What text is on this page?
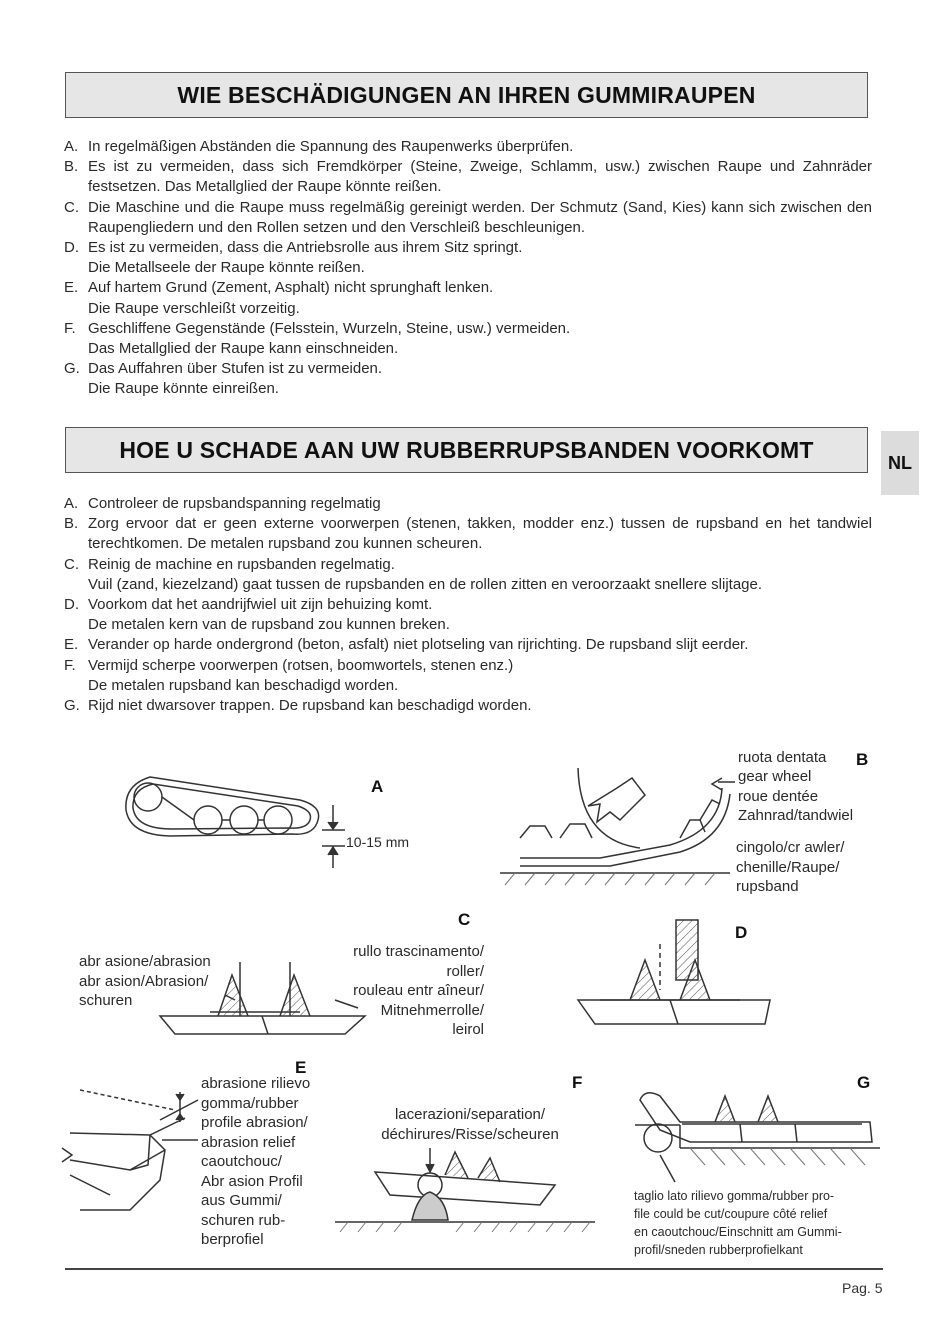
WIE BESCHÄDIGUNGEN AN IHREN GUMMIRAUPEN
A. In regelmäßigen Abständen die Spannung des Raupenwerks überprüfen.
B. Es ist zu vermeiden, dass sich Fremdkörper (Steine, Zweige, Schlamm, usw.) zwischen Raupe und Zahnräder festsetzen. Das Metallglied der Raupe könnte reißen.
C. Die Maschine und die Raupe muss regelmäßig gereinigt werden. Der Schmutz (Sand, Kies) kann sich zwischen den Raupengliedern und den Rollen setzen und den Verschleiß beschleunigen.
D. Es ist zu vermeiden, dass die Antriebsrolle aus ihrem Sitz springt.
Die Metallseele der Raupe könnte reißen.
E. Auf hartem Grund (Zement, Asphalt) nicht sprunghaft lenken.
Die Raupe verschleißt vorzeitig.
F. Geschliffene Gegenstände (Felsstein, Wurzeln, Steine, usw.) vermeiden.
Das Metallglied der Raupe kann einschneiden.
G. Das Auffahren über Stufen ist zu vermeiden.
Die Raupe könnte einreißen.
HOE U SCHADE AAN UW RUBBERRUPSBANDEN VOORKOMT	NL
A. Controleer de rupsbandspanning regelmatig
B. Zorg ervoor dat er geen externe voorwerpen (stenen, takken, modder enz.) tussen de rupsband en het tandwiel terechtkomen. De metalen rupsband zou kunnen scheuren.
C. Reinig de machine en rupsbanden regelmatig.
Vuil (zand, kiezelzand) gaat tussen de rupsbanden en de rollen zitten en veroorzaakt snellere slijtage.
D. Voorkom dat het aandrijfwiel uit zijn behuizing komt.
De metalen kern van de rupsband zou kunnen breken.
E. Verander op harde ondergrond (beton, asfalt) niet plotseling van rijrichting. De rupsband slijt eerder.
F. Vermijd scherpe voorwerpen (rotsen, boomwortels, stenen enz.)
De metalen rupsband kan beschadigd worden.
G. Rijd niet dwarsover trappen. De rupsband kan beschadigd worden.
A
B
C
D
E
F	G
10-15 mm
ruota dentata
gear wheel
roue dentée
Zahnrad/tandwiel
cingolo/cr awler/
chenille/Raupe/
rupsband
abr asione/abrasion
abr asion/Abrasion/
schuren
rullo trascinamento/
roller/
rouleau entr aîneur/
Mitnehmerrolle/
leirol
abrasione rilievo
gomma/rubber
profile abrasion/
abrasion relief
caoutchouc/
Abr asion Profil
aus Gummi/
schuren rub-
berprofiel
lacerazioni/separation/
déchirures/Risse/scheuren
taglio lato rilievo gomma/rubber pro-
file could be cut/coupure côté relief
en caoutchouc/Einschnitt am Gummi-
profil/sneden rubberprofielkant
Pag. 5
